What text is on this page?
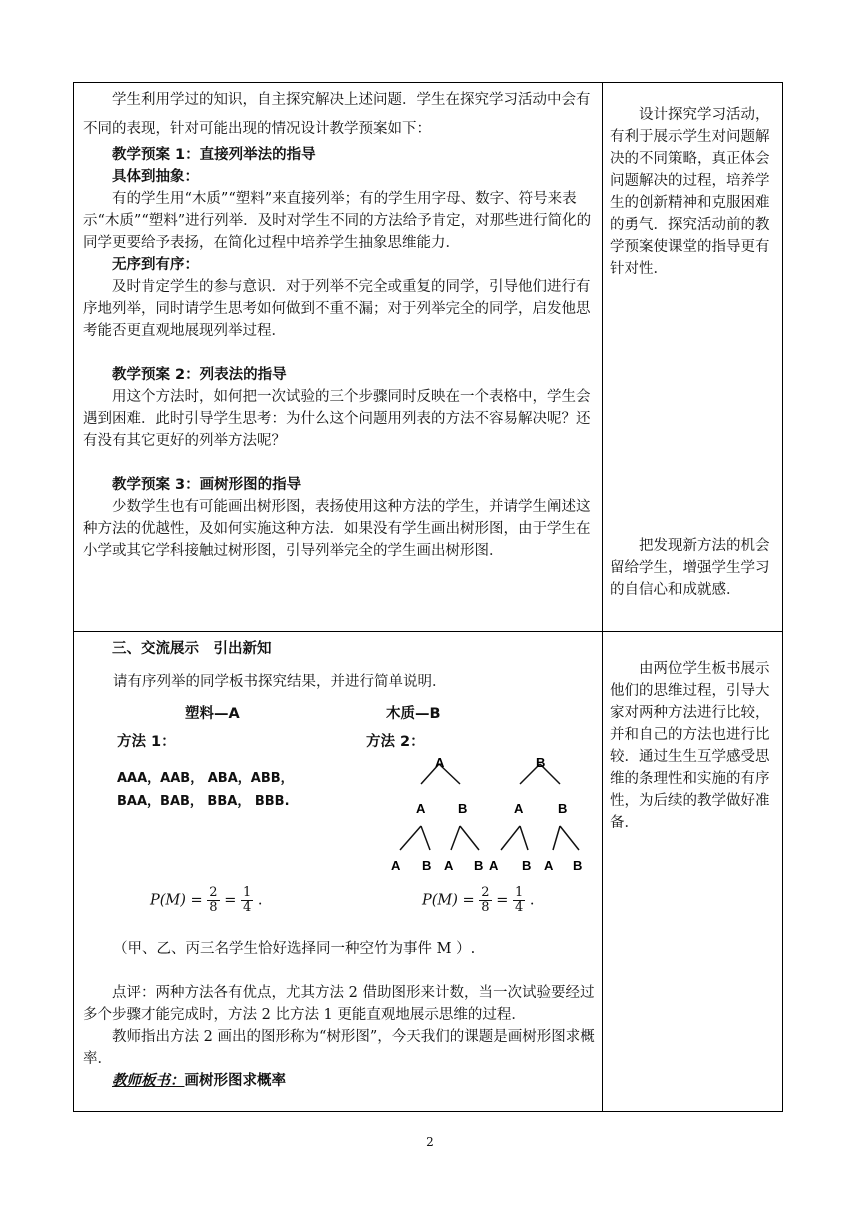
学生利用学过的知识，自主探究解决上述问题．学生在探究学习活动中会有不同的表现，针对可能出现的情况设计教学预案如下：

教学预案 1：直接列举法的指导

具体到抽象：

有的学生用“木质”“塑料”来直接列举；有的学生用字母、数字、符号来表示“木质”“塑料”进行列举．及时对学生不同的方法给予肯定，对那些进行简化的同学更要给予表扬，在简化过程中培养学生抽象思维能力．

无序到有序：

及时肯定学生的参与意识．对于列举不完全或重复的同学，引导他们进行有序地列举，同时请学生思考如何做到不重不漏；对于列举完全的同学，启发他思考能否更直观地展现列举过程．

教学预案 2：列表法的指导

用这个方法时，如何把一次试验的三个步骤同时反映在一个表格中，学生会遇到困难．此时引导学生思考：为什么这个问题用列表的方法不容易解决呢？还有没有其它更好的列举方法呢？

教学预案 3：画树形图的指导

少数学生也有可能画出树形图，表扬使用这种方法的学生，并请学生阐述这种方法的优越性，及如何实施这种方法．如果没有学生画出树形图，由于学生在小学或其它学科接触过树形图，引导列举完全的学生画出树形图．

设计探究学习活动，有利于展示学生对问题解决的不同策略，真正体会问题解决的过程，培养学生的创新精神和克服困难的勇气．探究活动前的教学预案使课堂的指导更有针对性．

把发现新方法的机会留给学生，增强学生学习的自信心和成就感．

三、交流展示　引出新知
请有序列举的同学板书探究结果，并进行简单说明．
塑料—A	木质—B
方法 1：	方法 2：
AAA，AAB， ABA，ABB，
BAA，BAB， BBA， BBB.
A	B
A	B	A	B
A B A B A B A B
$P(M) = \frac{2}{8} = \frac{1}{4}$ .	$P(M) = \frac{2}{8} = \frac{1}{4}$ .
（甲、乙、丙三名学生恰好选择同一种空竹为事件 M ）.

点评：两种方法各有优点，尤其方法 2 借助图形来计数，当一次试验要经过多个步骤才能完成时，方法 2 比方法 1 更能直观地展示思维的过程．

教师指出方法 2 画出的图形称为“树形图”，今天我们的课题是画树形图求概率．

教师板书：画树形图求概率

由两位学生板书展示他们的思维过程，引导大家对两种方法进行比较，并和自己的方法也进行比较．通过生生互学感受思维的条理性和实施的有序性，为后续的教学做好准备．

2
